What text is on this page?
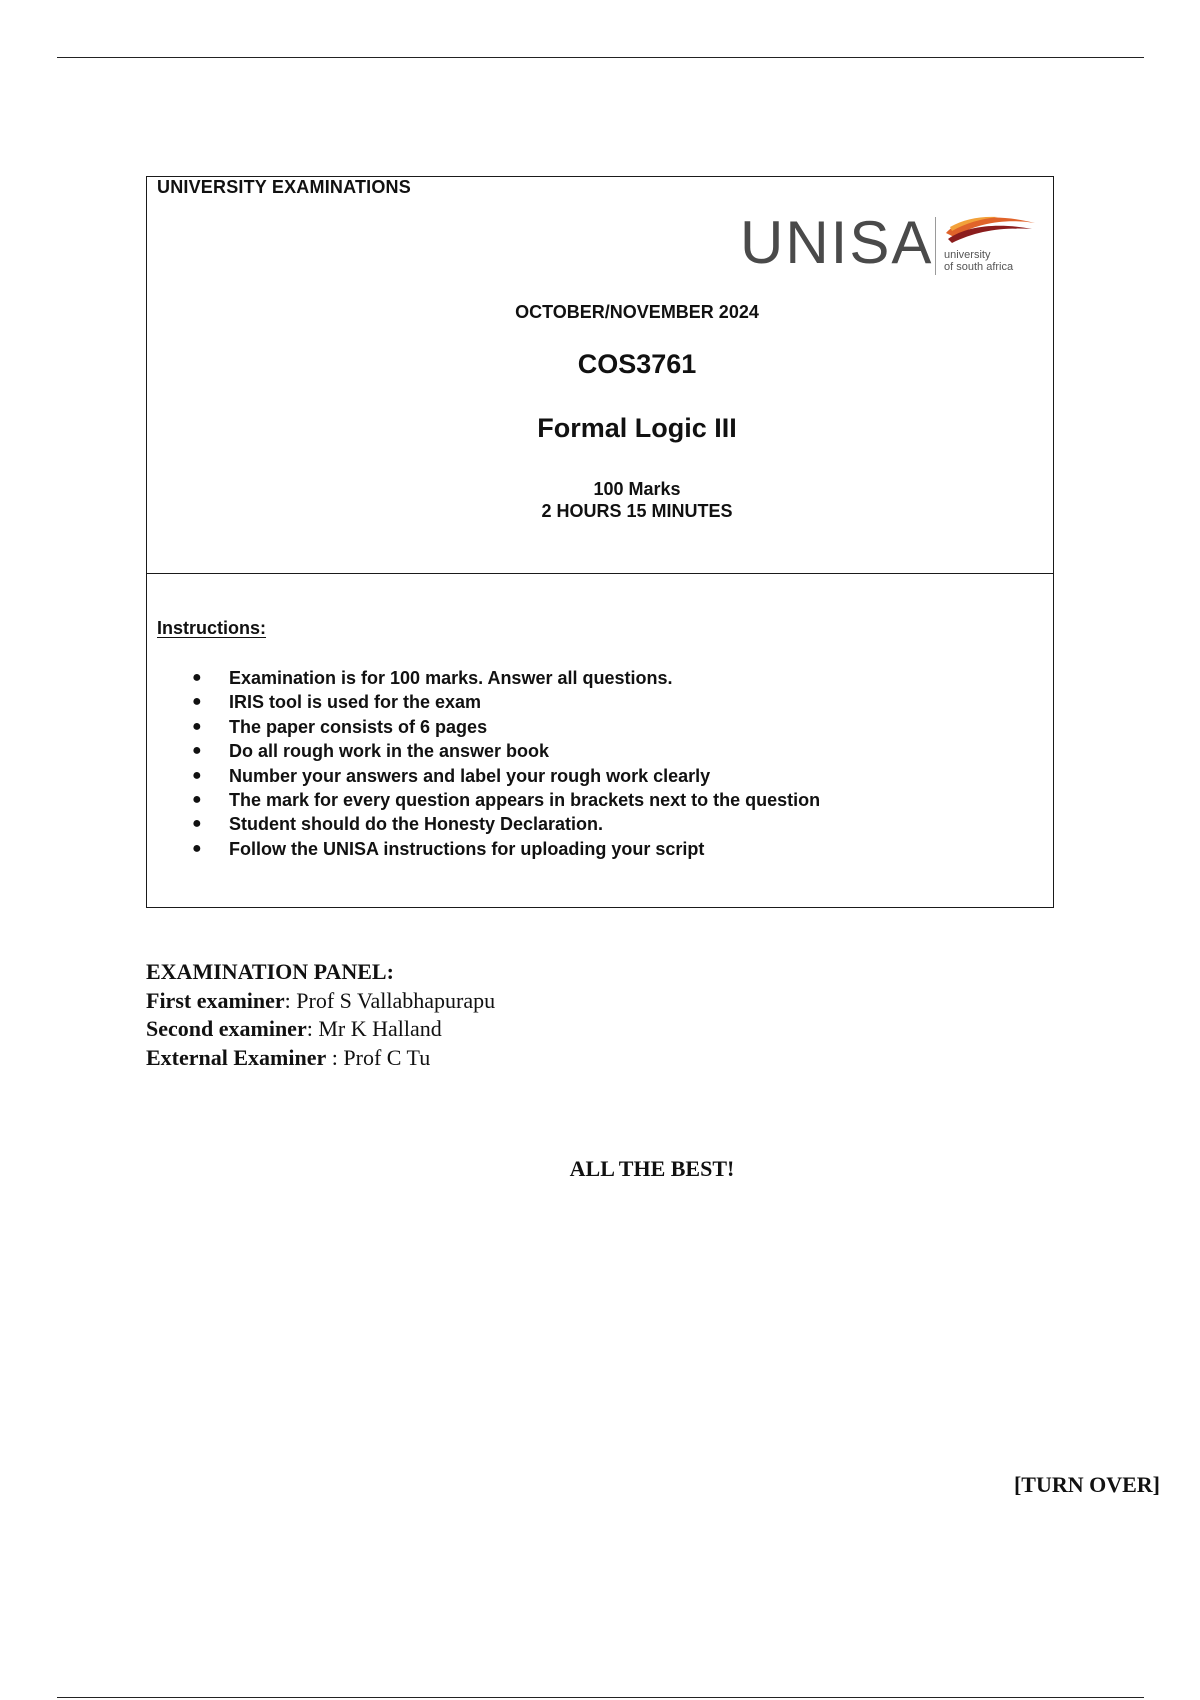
UNIVERSITY EXAMINATIONS
UNISA university
of south africa
OCTOBER/NOVEMBER 2024
COS3761
Formal Logic III
100 Marks
2 HOURS 15 MINUTES
Instructions:
● Examination is for 100 marks. Answer all questions.
● IRIS tool is used for the exam
● The paper consists of 6 pages
● Do all rough work in the answer book
● Number your answers and label your rough work clearly
● The mark for every question appears in brackets next to the question
● Student should do the Honesty Declaration.
● Follow the UNISA instructions for uploading your script
EXAMINATION PANEL:
First examiner: Prof S Vallabhapurapu
Second examiner: Mr K Halland
External Examiner : Prof C Tu
ALL THE BEST!
[TURN OVER]
